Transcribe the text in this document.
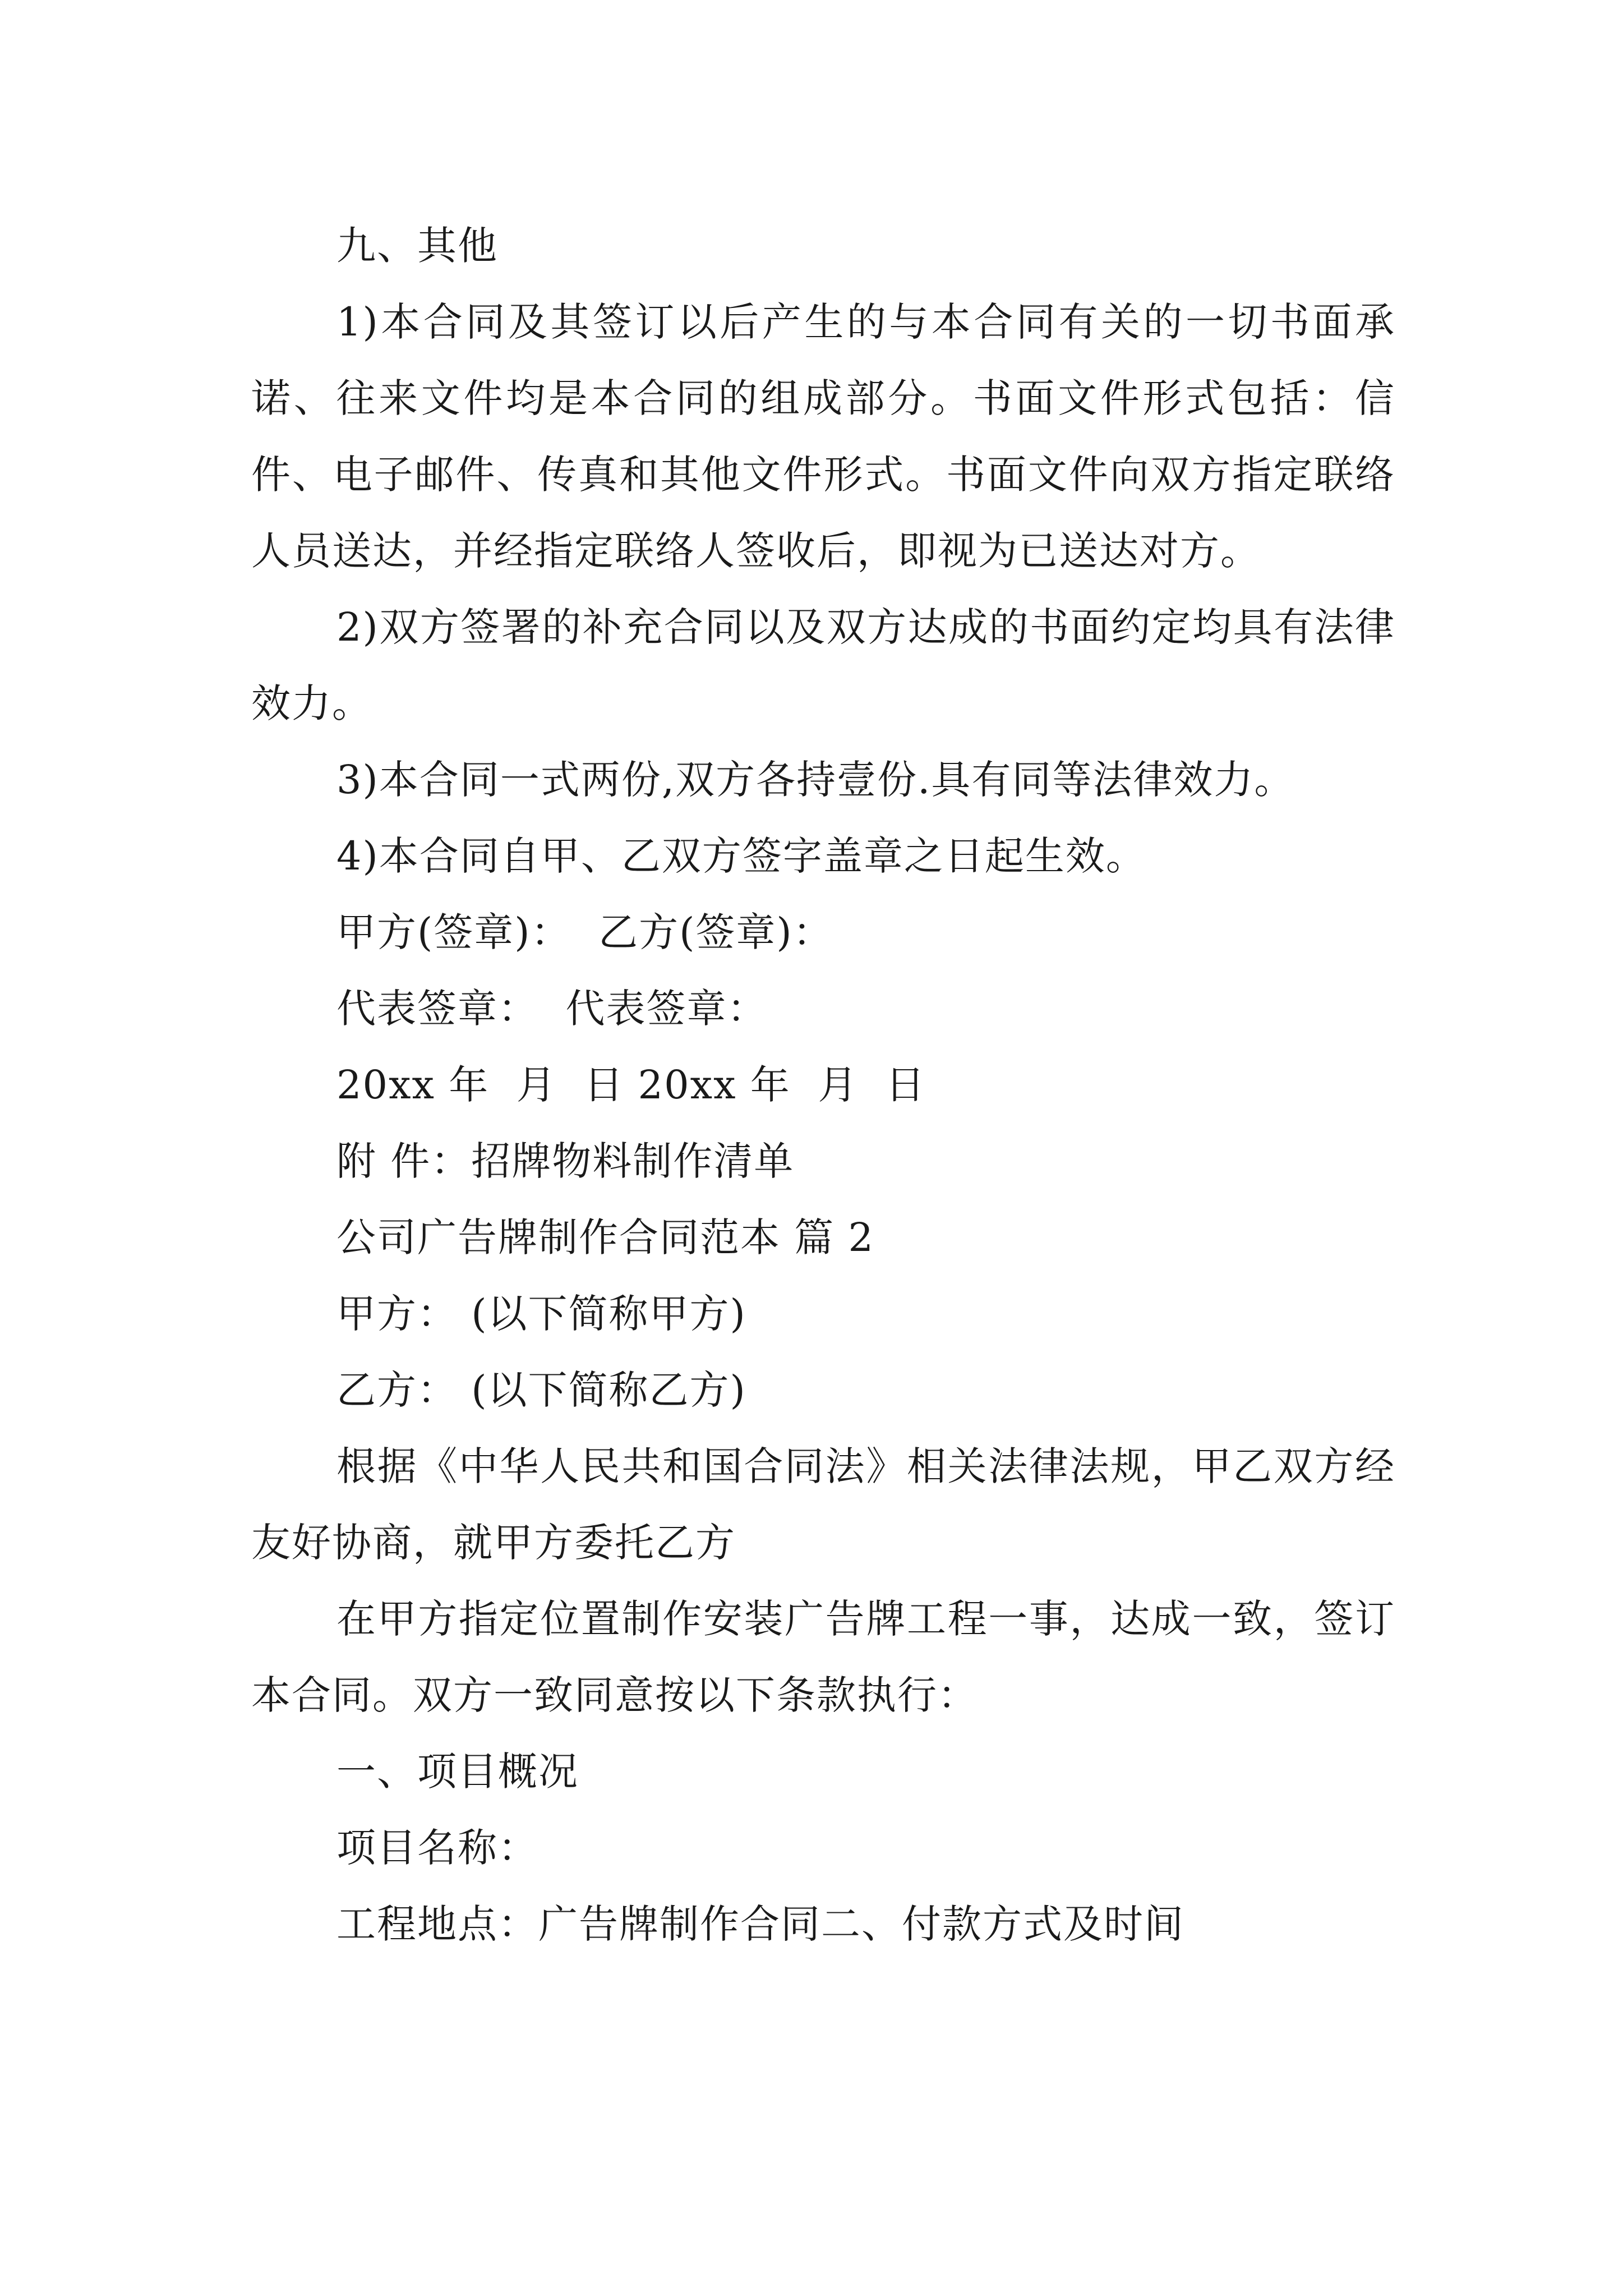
九、其他

1)本合同及其签订以后产生的与本合同有关的一切书面承诺、往来文件均是本合同的组成部分。书面文件形式包括：信件、电子邮件、传真和其他文件形式。书面文件向双方指定联络人员送达，并经指定联络人签收后，即视为已送达对方。

2)双方签署的补充合同以及双方达成的书面约定均具有法律效力。

3)本合同一式两份,双方各持壹份.具有同等法律效力。

4)本合同自甲、乙双方签字盖章之日起生效。

甲方(签章)：  乙方(签章)：

代表签章：  代表签章：

20xx 年  月  日 20xx 年  月  日

附 件：招牌物料制作清单

公司广告牌制作合同范本 篇 2

甲方： (以下简称甲方)

乙方： (以下简称乙方)

根据《中华人民共和国合同法》相关法律法规，甲乙双方经友好协商，就甲方委托乙方

在甲方指定位置制作安装广告牌工程一事，达成一致，签订本合同。双方一致同意按以下条款执行：

一、项目概况

项目名称：

工程地点：广告牌制作合同二、付款方式及时间
